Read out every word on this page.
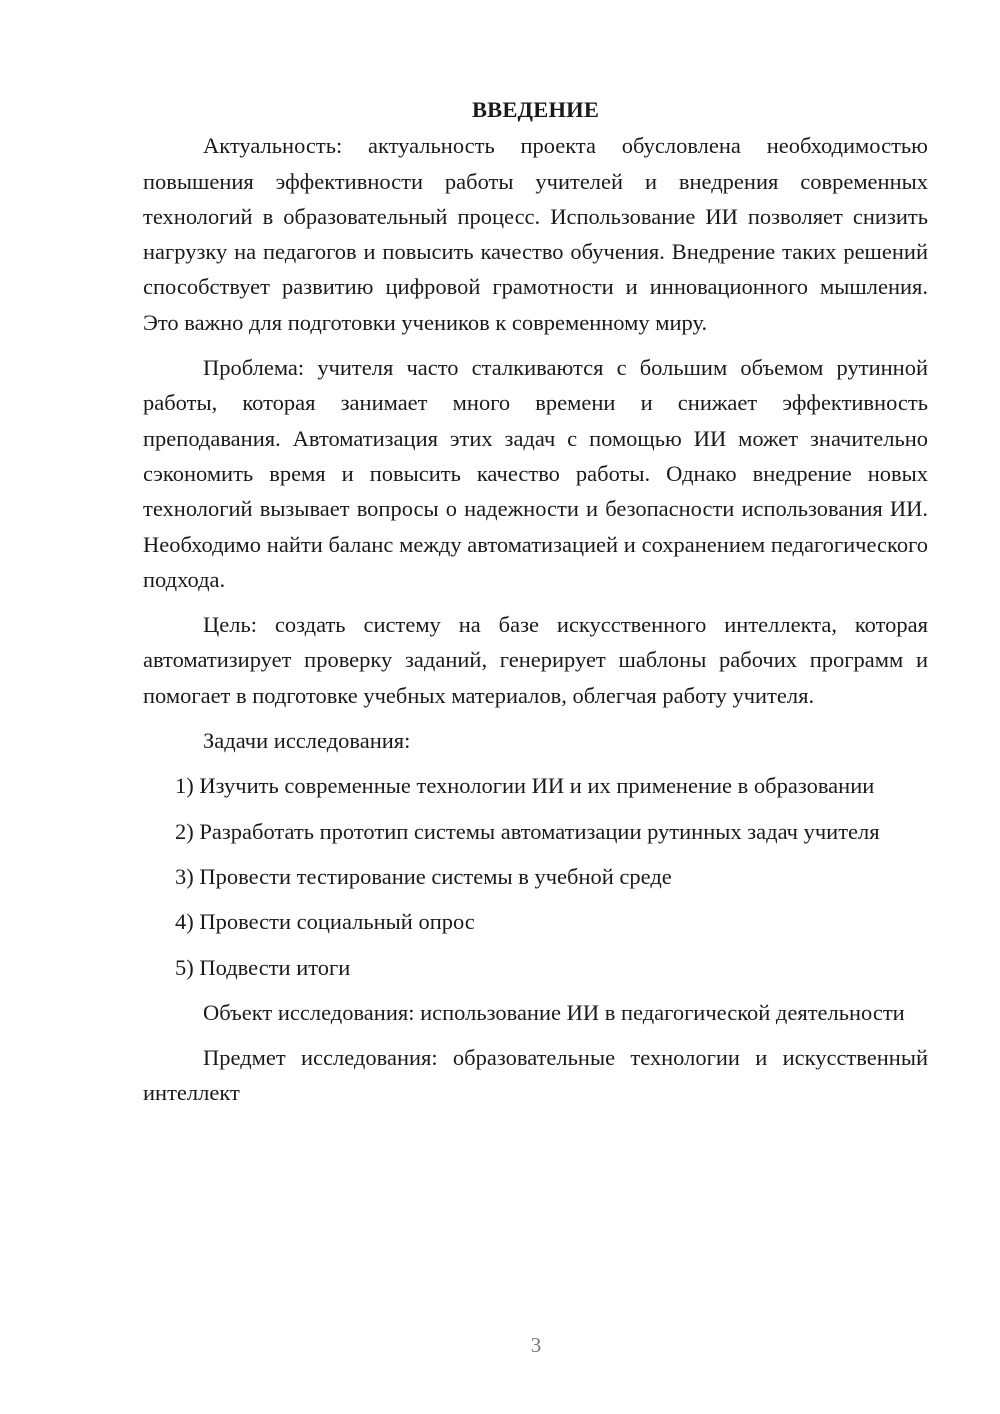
ВВЕДЕНИЕ

Актуальность: актуальность проекта обусловлена необходимостью повышения эффективности работы учителей и внедрения современных технологий в образовательный процесс. Использование ИИ позволяет снизить нагрузку на педагогов и повысить качество обучения. Внедрение таких решений способствует развитию цифровой грамотности и инновационного мышления. Это важно для подготовки учеников к современному миру.

Проблема: учителя часто сталкиваются с большим объемом рутинной работы, которая занимает много времени и снижает эффективность преподавания. Автоматизация этих задач с помощью ИИ может значительно сэкономить время и повысить качество работы. Однако внедрение новых технологий вызывает вопросы о надежности и безопасности использования ИИ. Необходимо найти баланс между автоматизацией и сохранением педагогического подхода.

Цель: создать систему на базе искусственного интеллекта, которая автоматизирует проверку заданий, генерирует шаблоны рабочих программ и помогает в подготовке учебных материалов, облегчая работу учителя.

Задачи исследования:

1) Изучить современные технологии ИИ и их применение в образовании

2) Разработать прототип системы автоматизации рутинных задач учителя

3) Провести тестирование системы в учебной среде

4) Провести социальный опрос

5) Подвести итоги

Объект исследования: использование ИИ в педагогической деятельности

Предмет исследования: образовательные технологии и искусственный интеллект

3
